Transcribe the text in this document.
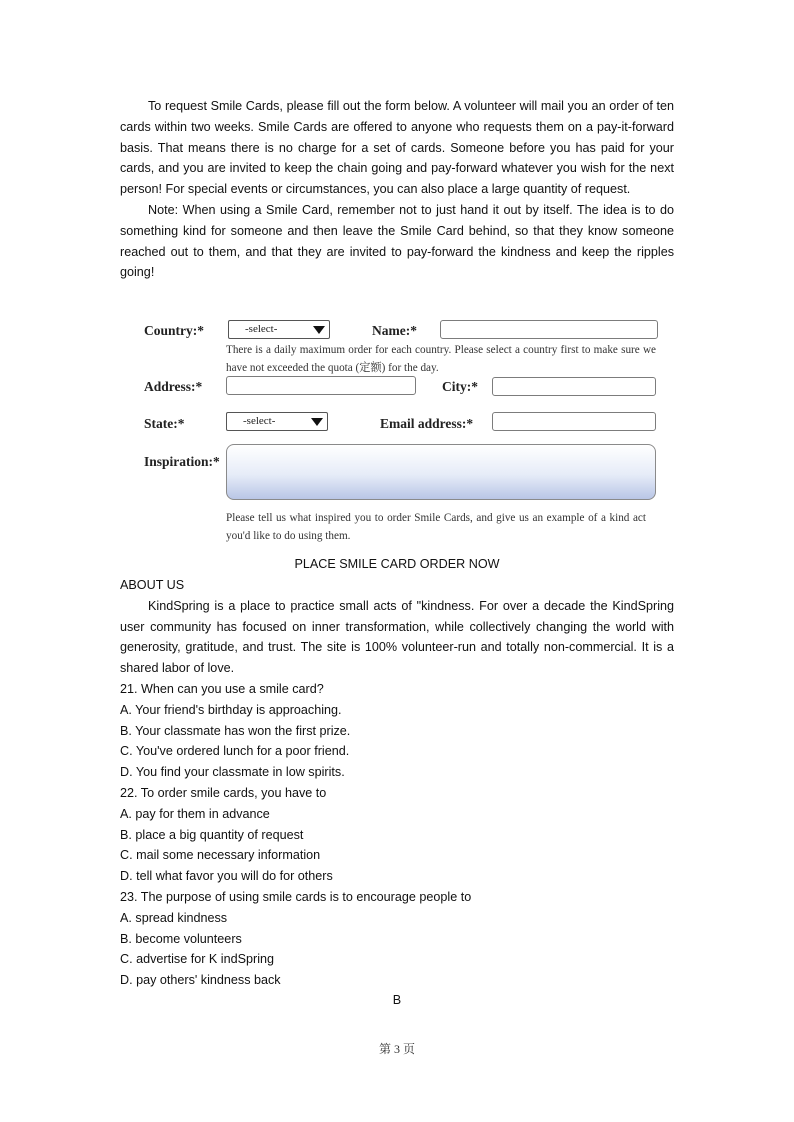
To request Smile Cards, please fill out the form below. A volunteer will mail you an order of ten cards within two weeks. Smile Cards are offered to anyone who requests them on a pay-it-forward basis. That means there is no charge for a set of cards. Someone before you has paid for your cards, and you are invited to keep the chain going and pay-forward whatever you wish for the next person! For special events or circumstances, you can also place a large quantity of request.

Note: When using a Smile Card, remember not to just hand it out by itself. The idea is to do something kind for someone and then leave the Smile Card behind, so that they know someone reached out to them, and that they are invited to pay-forward the kindness and keep the ripples going!

Country:*	-select-	Name:*
There is a daily maximum order for each country. Please select a country first to make sure we have not exceeded the quota (定额) for the day.
Address:*	City:*
State:*	-select-	Email address:*
Inspiration:*
Please tell us what inspired you to order Smile Cards, and give us an example of a kind act you'd like to do using them.
PLACE SMILE CARD ORDER NOW

ABOUT US

KindSpring is a place to practice small acts of "kindness. For over a decade the KindSpring user community has focused on inner transformation, while collectively changing the world with generosity, gratitude, and trust. The site is 100% volunteer-run and totally non-commercial. It is a shared labor of love.

21. When can you use a smile card?

A. Your friend's birthday is approaching.

B. Your classmate has won the first prize.

C. You've ordered lunch for a poor friend.

D. You find your classmate in low spirits.

22. To order smile cards, you have to

A. pay for them in advance

B. place a big quantity of request

C. mail some necessary information

D. tell what favor you will do for others

23. The purpose of using smile cards is to encourage people to

A. spread kindness

B. become volunteers

C. advertise for K indSpring

D. pay others' kindness back

B
第 3 页
